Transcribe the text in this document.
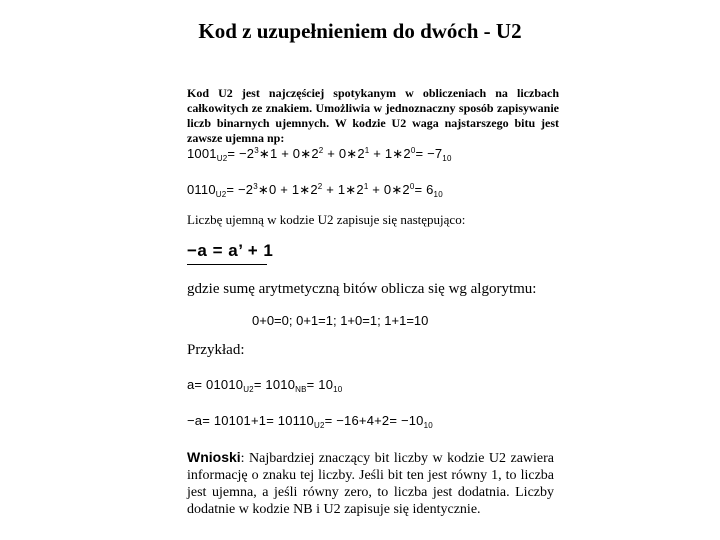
Kod z uzupełnieniem do dwóch - U2
Kod U2 jest najczęściej spotykanym w obliczeniach na liczbach całkowitych ze znakiem. Umożliwia w jednoznaczny sposób zapisywanie liczb binarnych ujemnych. W kodzie U2 waga najstarszego bitu jest zawsze ujemna np:
$1001_{U2}=$ $-2^3∗1$ + $0∗2^2$ + $0∗2^1$ + $1∗2^0= -7_{10}$
$0110_{U2}=$ $-2^3∗0$ + $1∗2^2$ + $1∗2^1$ + $0∗2^0= 6_{10}$
Liczbę ujemną w kodzie U2 zapisuje się następująco:
−a = a’ + 1
gdzie sumę arytmetyczną bitów oblicza się wg algorytmu:
0+0=0; 0+1=1; 1+0=1; 1+1=10
Przykład:
$a= 01010_{U2}= 1010_{NB}= 10_{10}$
$-a= 10101+1= 10110_{U2}= -16+4+2= -10_{10}$
Wnioski: Najbardziej znaczący bit liczby w kodzie U2 zawiera informację o znaku tej liczby. Jeśli bit ten jest równy 1, to liczba jest ujemna, a jeśli równy zero, to liczba jest dodatnia. Liczby dodatnie w kodzie NB i U2 zapisuje się identycznie.
